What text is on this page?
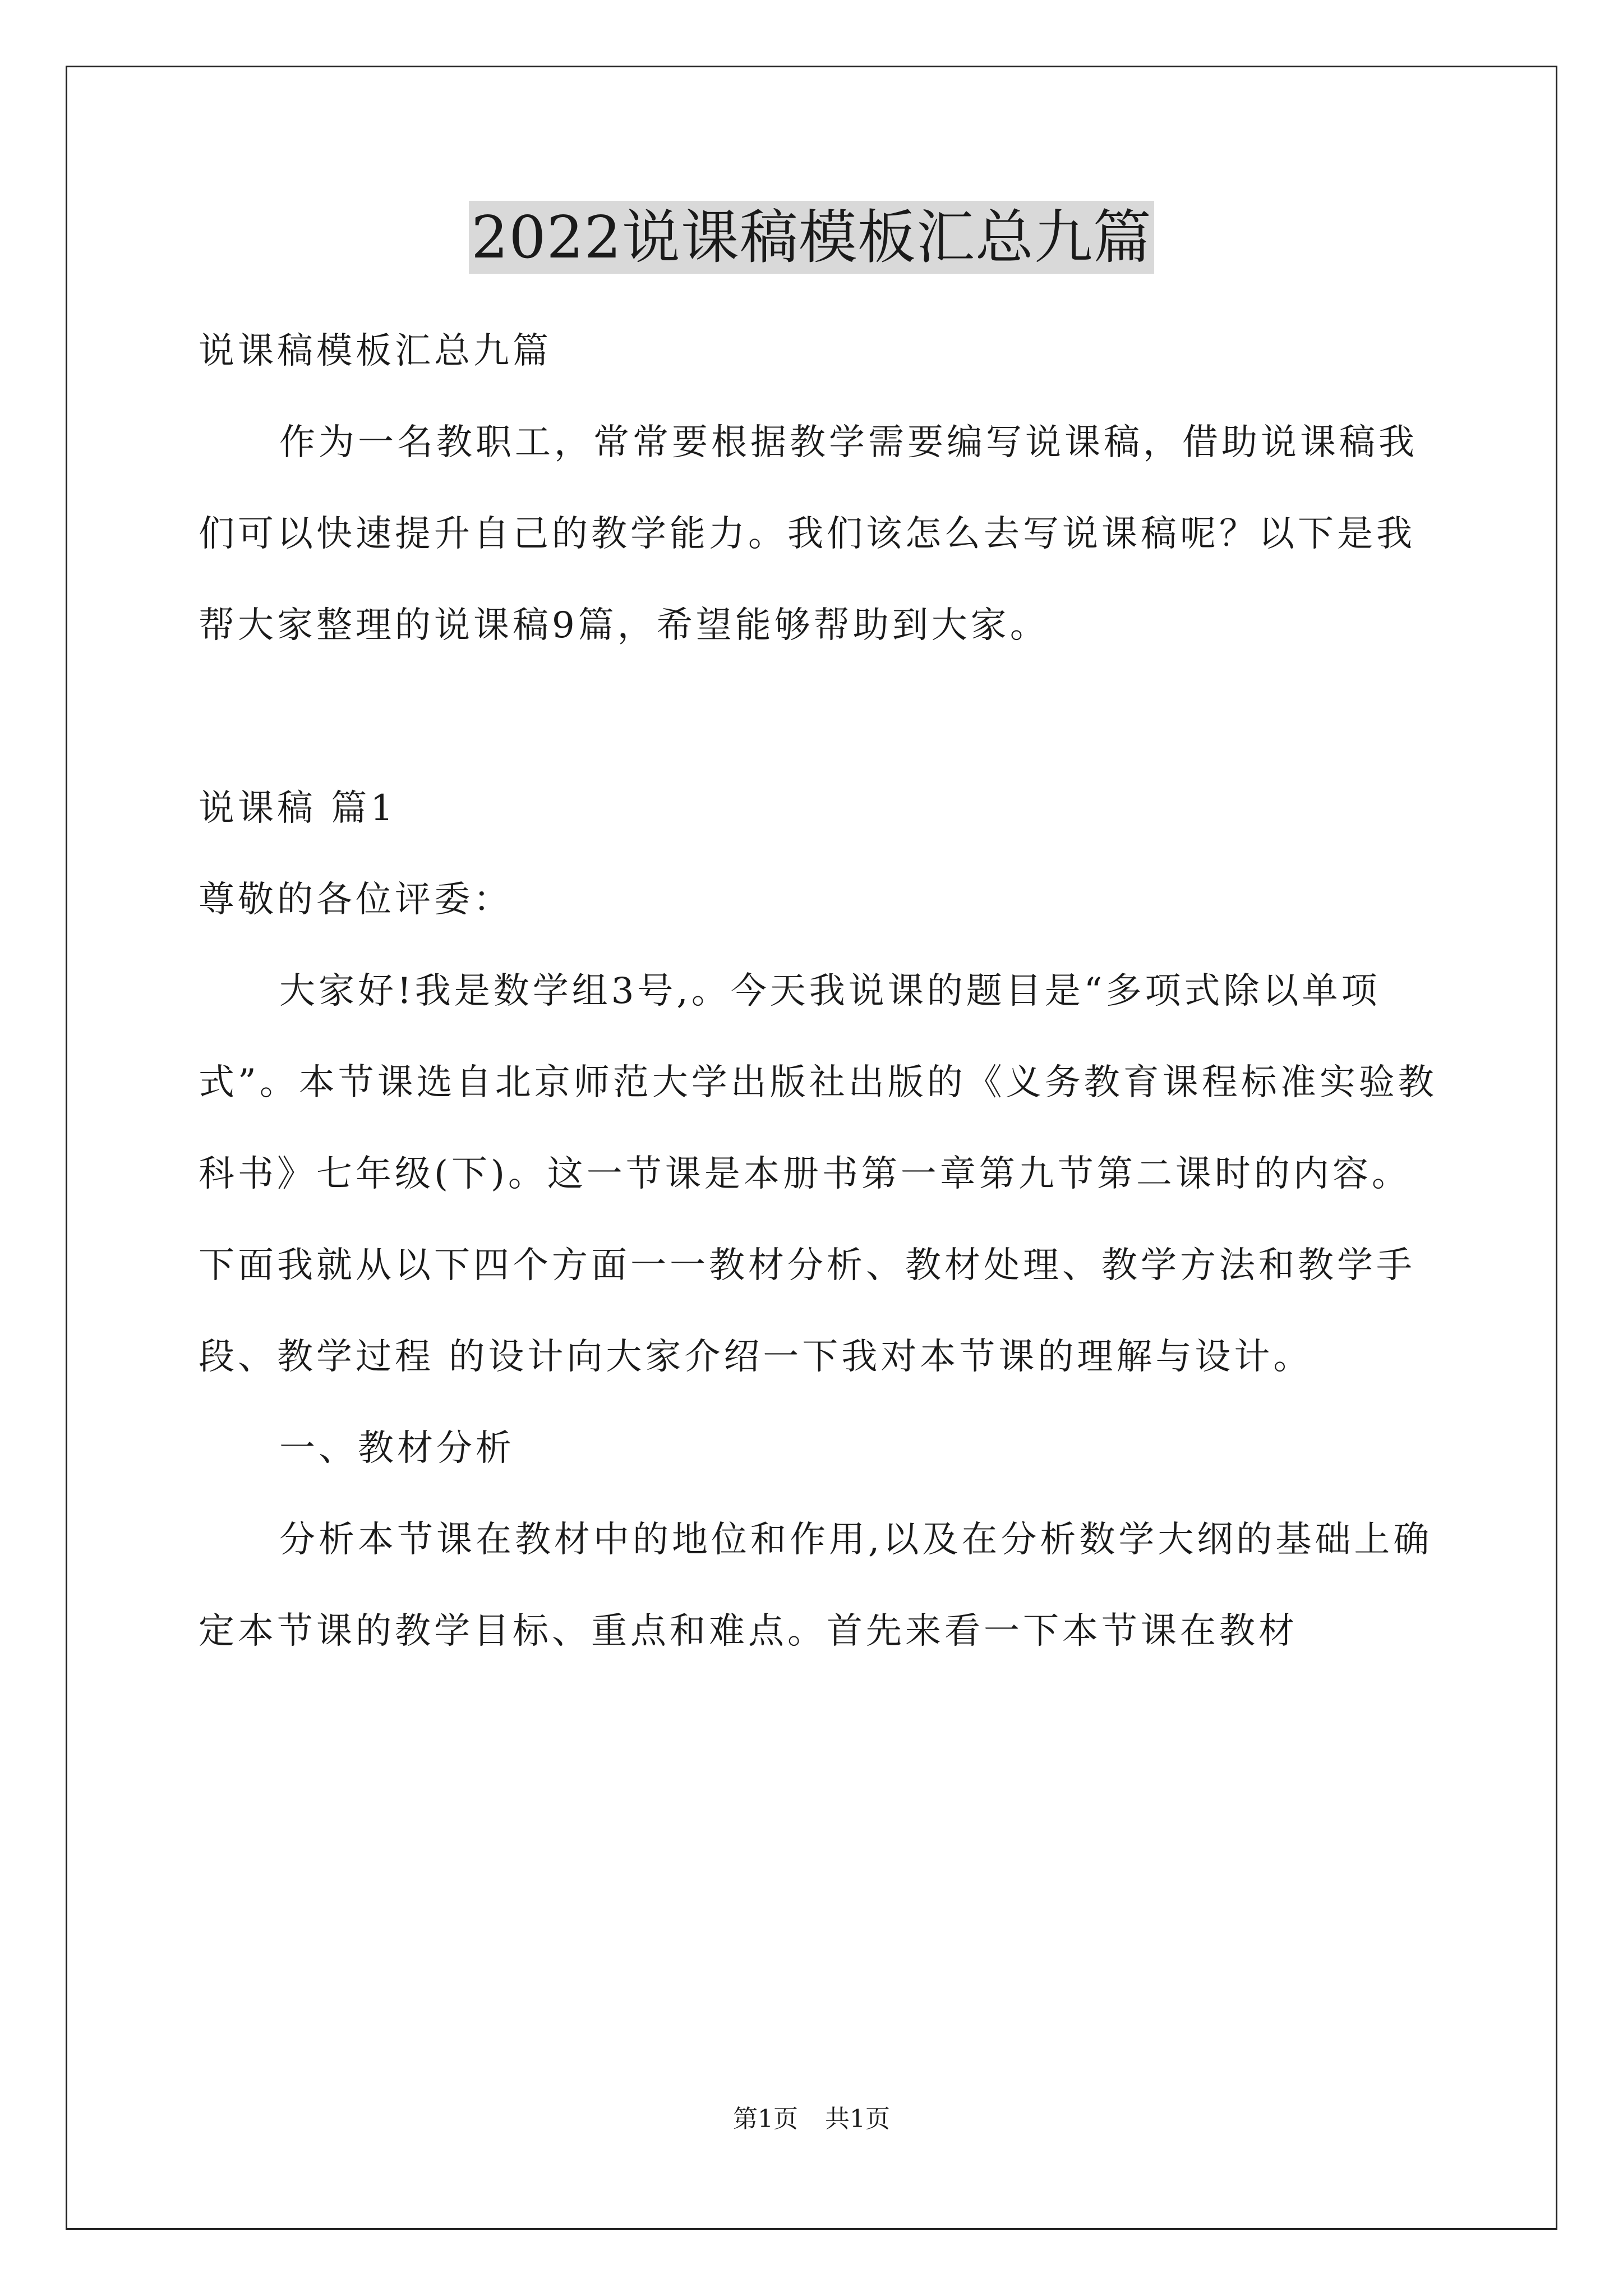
2022说课稿模板汇总九篇

说课稿模板汇总九篇

作为一名教职工，常常要根据教学需要编写说课稿，借助说课稿我们可以快速提升自己的教学能力。我们该怎么去写说课稿呢？以下是我帮大家整理的说课稿9篇，希望能够帮助到大家。

说课稿 篇1

尊敬的各位评委：

大家好!我是数学组3号,。今天我说课的题目是“多项式除以单项式”。本节课选自北京师范大学出版社出版的《义务教育课程标准实验教科书》七年级(下)。这一节课是本册书第一章第九节第二课时的内容。下面我就从以下四个方面一一教材分析、教材处理、教学方法和教学手段、教学过程 的设计向大家介绍一下我对本节课的理解与设计。

一、教材分析

分析本节课在教材中的地位和作用,以及在分析数学大纲的基础上确定本节课的教学目标、重点和难点。首先来看一下本节课在教材

第1页 共1页
